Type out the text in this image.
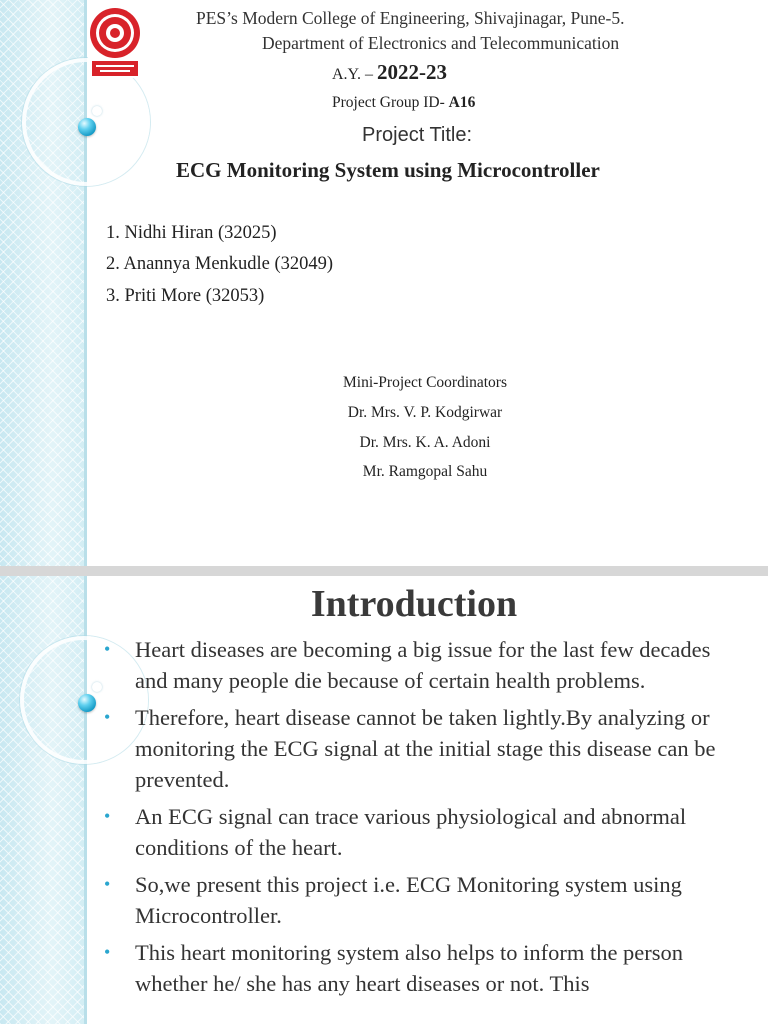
PES’s Modern College of Engineering, Shivajinagar, Pune-5.
Department of Electronics and Telecommunication
A.Y. – 2022-23
Project Group ID- A16
Project Title:
ECG Monitoring System using Microcontroller
1. Nidhi Hiran (32025)
2. Anannya Menkudle (32049)
3. Priti More (32053)
Mini-Project Coordinators
Dr. Mrs. V. P. Kodgirwar
Dr. Mrs. K. A. Adoni
Mr. Ramgopal Sahu
Introduction
• Heart diseases are becoming a big issue for the last few decades and many people die because of certain health problems.
• Therefore, heart disease cannot be taken lightly.By analyzing or monitoring the ECG signal at the initial stage this disease can be prevented.
• An ECG signal can trace various physiological and abnormal conditions of the heart.
• So,we present this project i.e. ECG Monitoring system using Microcontroller.
• This heart monitoring system also helps to inform the person whether he/ she has any heart diseases or not. This
